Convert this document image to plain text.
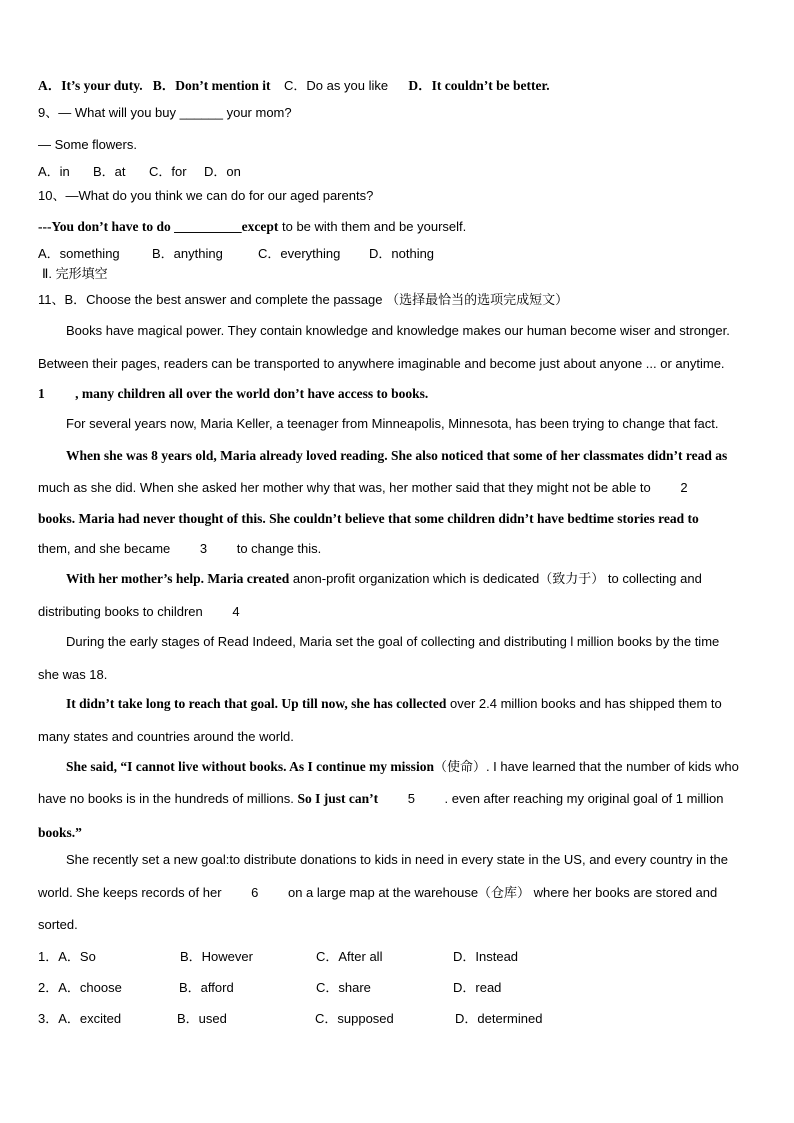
A．It’s your duty. B．Don’t mention it C．Do as you like D．It couldn’t be better.
9、— What will you buy ______ your mom?
— Some flowers.
A．in B．at C．for D．on
10、—What do you think we can do for our aged parents?
---You don’t have to do __________except to be with them and be yourself.
A．something B．anything	C．everything D．nothing
Ⅱ. 完形填空
11、B．Choose the best answer and complete the passage （选择最恰当的选项完成短文）
Books have magical power. They contain knowledge and knowledge makes our human become wiser and stronger.
Between their pages, readers can be transported to anywhere imaginable and become just about anyone ... or anytime.
1 　　, many children all over the world don’t have access to books.
For several years now, Maria Keller, a teenager from Minneapolis, Minnesota, has been trying to change that fact.
When she was 8 years old, Maria already loved reading. She also noticed that some of her classmates didn’t read as
much as she did. When she asked her mother why that was, her mother said that they might not be able to 　　2
books. Maria had never thought of this. She couldn’t believe that some children didn’t have bedtime stories read to
them, and she became 　　3 　　to change this.
With her mother’s help. Maria created anon-profit organization which is dedicated（致力于） to collecting and
distributing books to children 　　4
During the early stages of Read Indeed, Maria set the goal of collecting and distributing l million books by the time
she was 18.
It didn’t take long to reach that goal. Up till now, she has collected over 2.4 million books and has shipped them to
many states and countries around the world.
She said, “I cannot live without books. As I continue my mission（使命）. I have learned that the number of kids who
have no books is in the hundreds of millions. So I just can’t 　　5 　　. even after reaching my original goal of 1 million
books.”
She recently set a new goal:to distribute donations to kids in need in every state in the US, and every country in the
world. She keeps records of her 　　6 　　on a large map at the warehouse（仓库） where her books are stored and
sorted.
1．A．So	B．However	C．After all	D．Instead
2．A．choose	B．afford	C．share	D．read
3．A．excited	B．used	C．supposed	D．determined
